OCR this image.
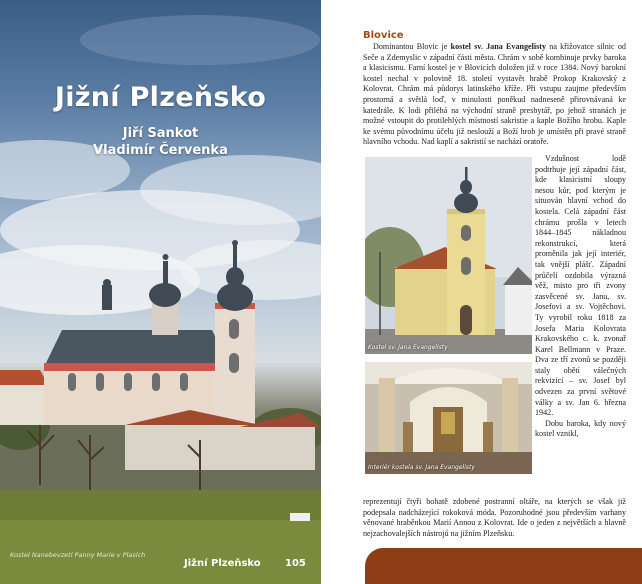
Jižní Plzeňsko
Jiří Sankot
Vladimír Červenka
Kostel Nanebevzetí Panny Marie v Plasích
Blovice

Dominantou Blovic je kostel sv. Jana Evangelisty na křižovatce silnic od Seče a Zdemyslic v západní části města. Chrám v sobě kombinuje prvky baroka a klasicismu. Farní kostel je v Blovicích doložen již v roce 1384. Nový barokní kostel nechal v polovině 18. století vystavět hrabě Prokop Krakovský z Kolovrat. Chrám má půdorys latinského kříže. Při vstupu zaujme především prostorná a světlá loď, v minulosti poněkud nadneseně přirovnávaná ke katedrále. K lodi přiléhá na východní straně presbytář, po jehož stranách je možné vstoupit do protilehlých místností sakristie a kaple Božího hrobu. Kaple ke svému původnímu účelu již neslouží a Boží hrob je umístěn při pravé straně hlavního vchodu. Nad kaplí a sakristií se nachází oratoře.

Kostel sv. Jana Evangelisty
Interiér kostela sv. Jana Evangelisty

Vzdušnost lodě podtrhuje její západní část, kde klasicistní sloupy nesou kůr, pod kterým je situován hlavní vchod do kostela. Celá západní část chrámu prošla v letech 1844–1845 nákladnou rekonstrukcí, která proměnila jak její interiér, tak vnější plášť. Západní průčelí ozdobila výrazná věž, misto pro tři zvony zasvěcené sv. Janu, sv. Josefovi a sv. Vojtěchovi. Ty vyrobil roku 1818 za Josefa Maria Kolovrata Krakovského c. k. zvonař Karel Bellmann v Praze. Dva ze tří zvonů se později staly obětí válečných rekvizicí – sv. Josef byl odvezen za první světové války a sv. Jan 6. března 1942.

Dobu baroka, kdy nový kostel vznikl,

reprezentují čtyři bohatě zdobené postranní oltáře, na kterých se však již podepsala nadcházející rokoková móda. Pozoruhodné jsou především varhany věnované hraběnkou Marií Annou z Kolovrat. Ide o jeden z největších a hlavně nejzachovalejších nástrojů na jižním Plzeňsku.

Jižní Plzeňsko 105
